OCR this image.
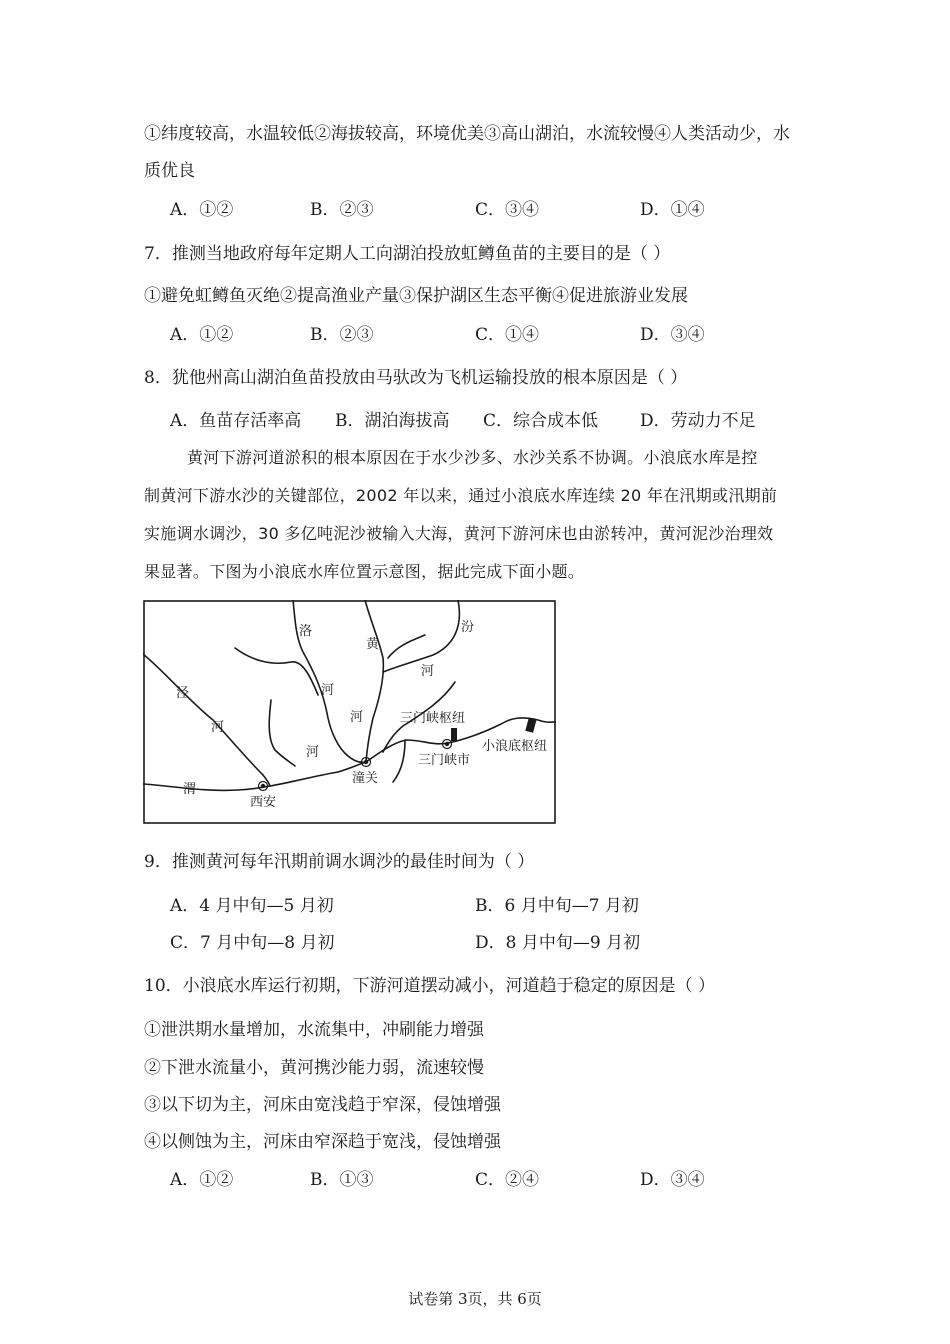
①纬度较高，水温较低②海拔较高，环境优美③高山湖泊，水流较慢④人类活动少，水
质优良
A．①②	B．②③	C．③④	D．①④
7．推测当地政府每年定期人工向湖泊投放虹鳟鱼苗的主要目的是（ ）
①避免虹鳟鱼灭绝②提高渔业产量③保护湖区生态平衡④促进旅游业发展
A．①②	B．②③	C．①④	D．③④
8．犹他州高山湖泊鱼苗投放由马驮改为飞机运输投放的根本原因是（ ）
A．鱼苗存活率高 B．湖泊海拔高 C．综合成本低 D．劳动力不足
黄河下游河道淤积的根本原因在于水少沙多、水沙关系不协调。小浪底水库是控
制黄河下游水沙的关键部位，2002 年以来，通过小浪底水库连续 20 年在汛期或汛期前
实施调水调沙，30 多亿吨泥沙被输入大海，黄河下游河床也由淤转冲，黄河泥沙治理效
果显著。下图为小浪底水库位置示意图，据此完成下面小题。
洛
黄
汾
河
泾	河
河
河	三门峡枢纽
河	小浪底枢纽
三门峡市
潼关
渭
西安
9．推测黄河每年汛期前调水调沙的最佳时间为（ ）
A．4 月中旬—5 月初	B．6 月中旬—7 月初
C．7 月中旬—8 月初	D．8 月中旬—9 月初
10．小浪底水库运行初期，下游河道摆动减小，河道趋于稳定的原因是（ ）
①泄洪期水量增加，水流集中，冲刷能力增强
②下泄水流量小，黄河携沙能力弱，流速较慢
③以下切为主，河床由宽浅趋于窄深，侵蚀增强
④以侧蚀为主，河床由窄深趋于宽浅，侵蚀增强
A．①②	B．①③	C．②④	D．③④
试卷第 3页，共 6页
